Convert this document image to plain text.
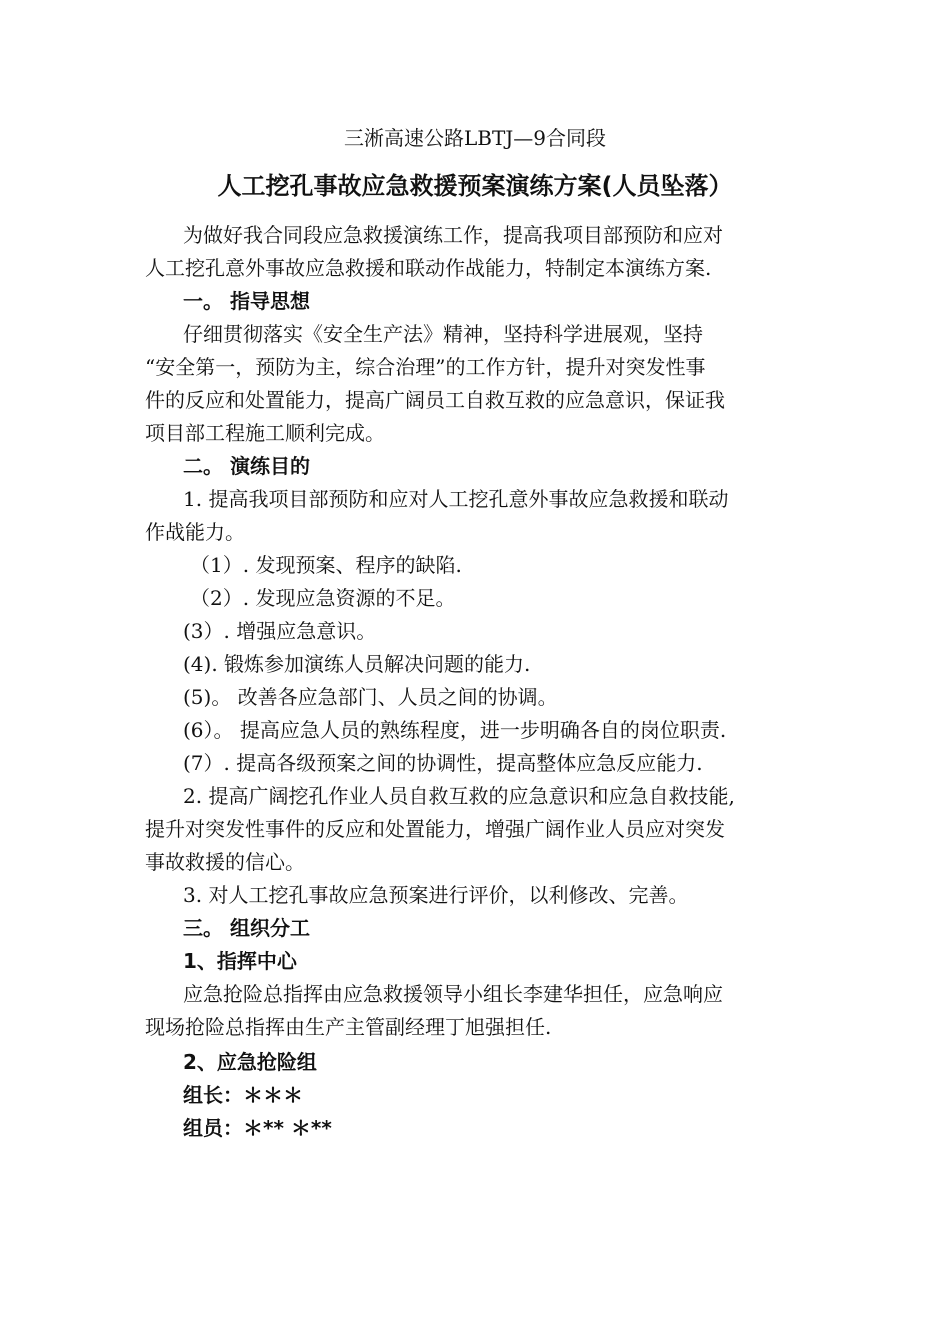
三淅高速公路LBTJ—9合同段
人工挖孔事故应急救援预案演练方案(人员坠落）
为做好我合同段应急救援演练工作，提高我项目部预防和应对
人工挖孔意外事故应急救援和联动作战能力，特制定本演练方案.
一。 指导思想
仔细贯彻落实《安全生产法》精神，坚持科学进展观，坚持
“安全第一，预防为主，综合治理”的工作方针，提升对突发性事
件的反应和处置能力，提高广阔员工自救互救的应急意识，保证我
项目部工程施工顺利完成。
二。 演练目的
1. 提高我项目部预防和应对人工挖孔意外事故应急救援和联动
作战能力。
（1）. 发现预案、程序的缺陷.
（2）. 发现应急资源的不足。
(3）. 增强应急意识。
(4). 锻炼参加演练人员解决问题的能力.
(5)。 改善各应急部门、人员之间的协调。
(6）。 提高应急人员的熟练程度，进一步明确各自的岗位职责.
(7）. 提高各级预案之间的协调性，提高整体应急反应能力.
2. 提高广阔挖孔作业人员自救互救的应急意识和应急自救技能,
提升对突发性事件的反应和处置能力，增强广阔作业人员应对突发
事故救援的信心。
3. 对人工挖孔事故应急预案进行评价，以利修改、完善。
三。 组织分工
1、指挥中心
应急抢险总指挥由应急救援领导小组长李建华担任，应急响应
现场抢险总指挥由生产主管副经理丁旭强担任.
2、应急抢险组
组长：＊＊＊
组员：＊** ＊**
